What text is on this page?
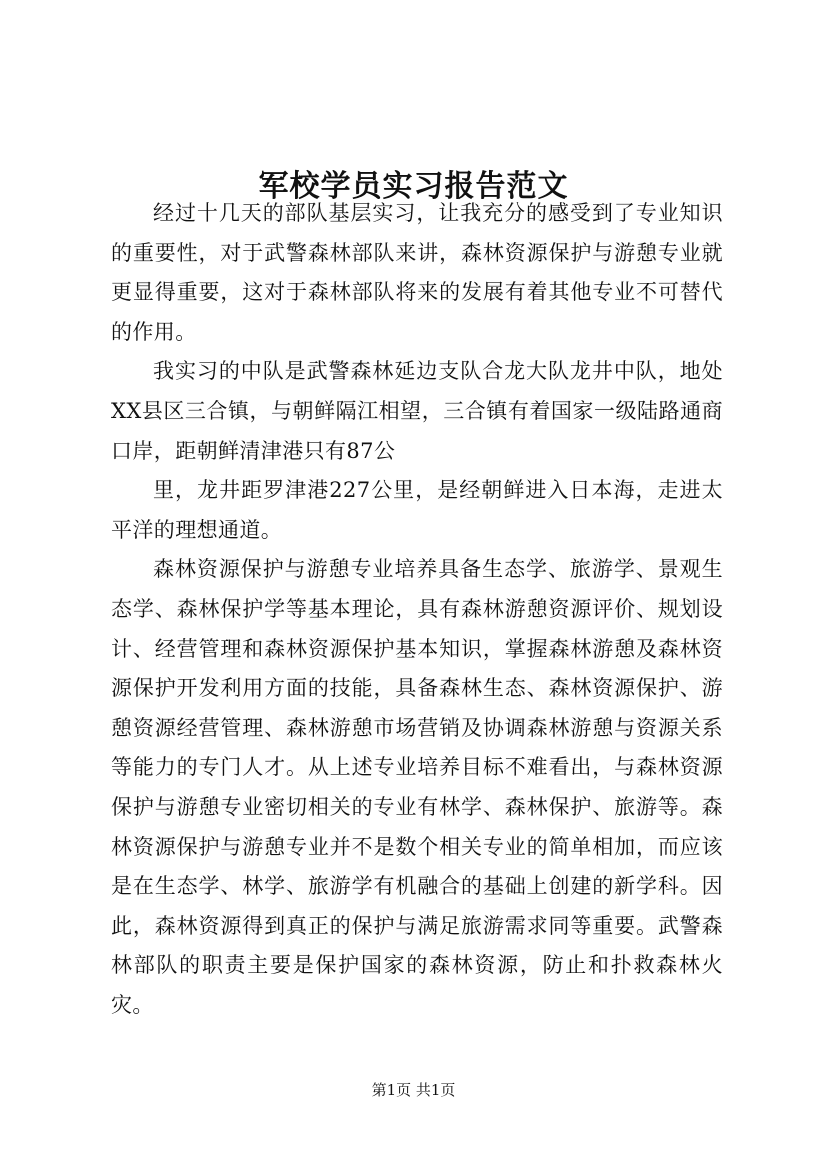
军校学员实习报告范文

经过十几天的部队基层实习，让我充分的感受到了专业知识的重要性，对于武警森林部队来讲，森林资源保护与游憩专业就更显得重要，这对于森林部队将来的发展有着其他专业不可替代的作用。

我实习的中队是武警森林延边支队合龙大队龙井中队，地处XX县区三合镇，与朝鲜隔江相望，三合镇有着国家一级陆路通商口岸，距朝鲜清津港只有87公

里，龙井距罗津港227公里，是经朝鲜进入日本海，走进太平洋的理想通道。

森林资源保护与游憩专业培养具备生态学、旅游学、景观生态学、森林保护学等基本理论，具有森林游憩资源评价、规划设计、经营管理和森林资源保护基本知识，掌握森林游憩及森林资源保护开发利用方面的技能，具备森林生态、森林资源保护、游憩资源经营管理、森林游憩市场营销及协调森林游憩与资源关系等能力的专门人才。从上述专业培养目标不难看出，与森林资源保护与游憩专业密切相关的专业有林学、森林保护、旅游等。森林资源保护与游憩专业并不是数个相关专业的简单相加，而应该是在生态学、林学、旅游学有机融合的基础上创建的新学科。因此，森林资源得到真正的保护与满足旅游需求同等重要。武警森林部队的职责主要是保护国家的森林资源，防止和扑救森林火灾。

第1页 共1页
